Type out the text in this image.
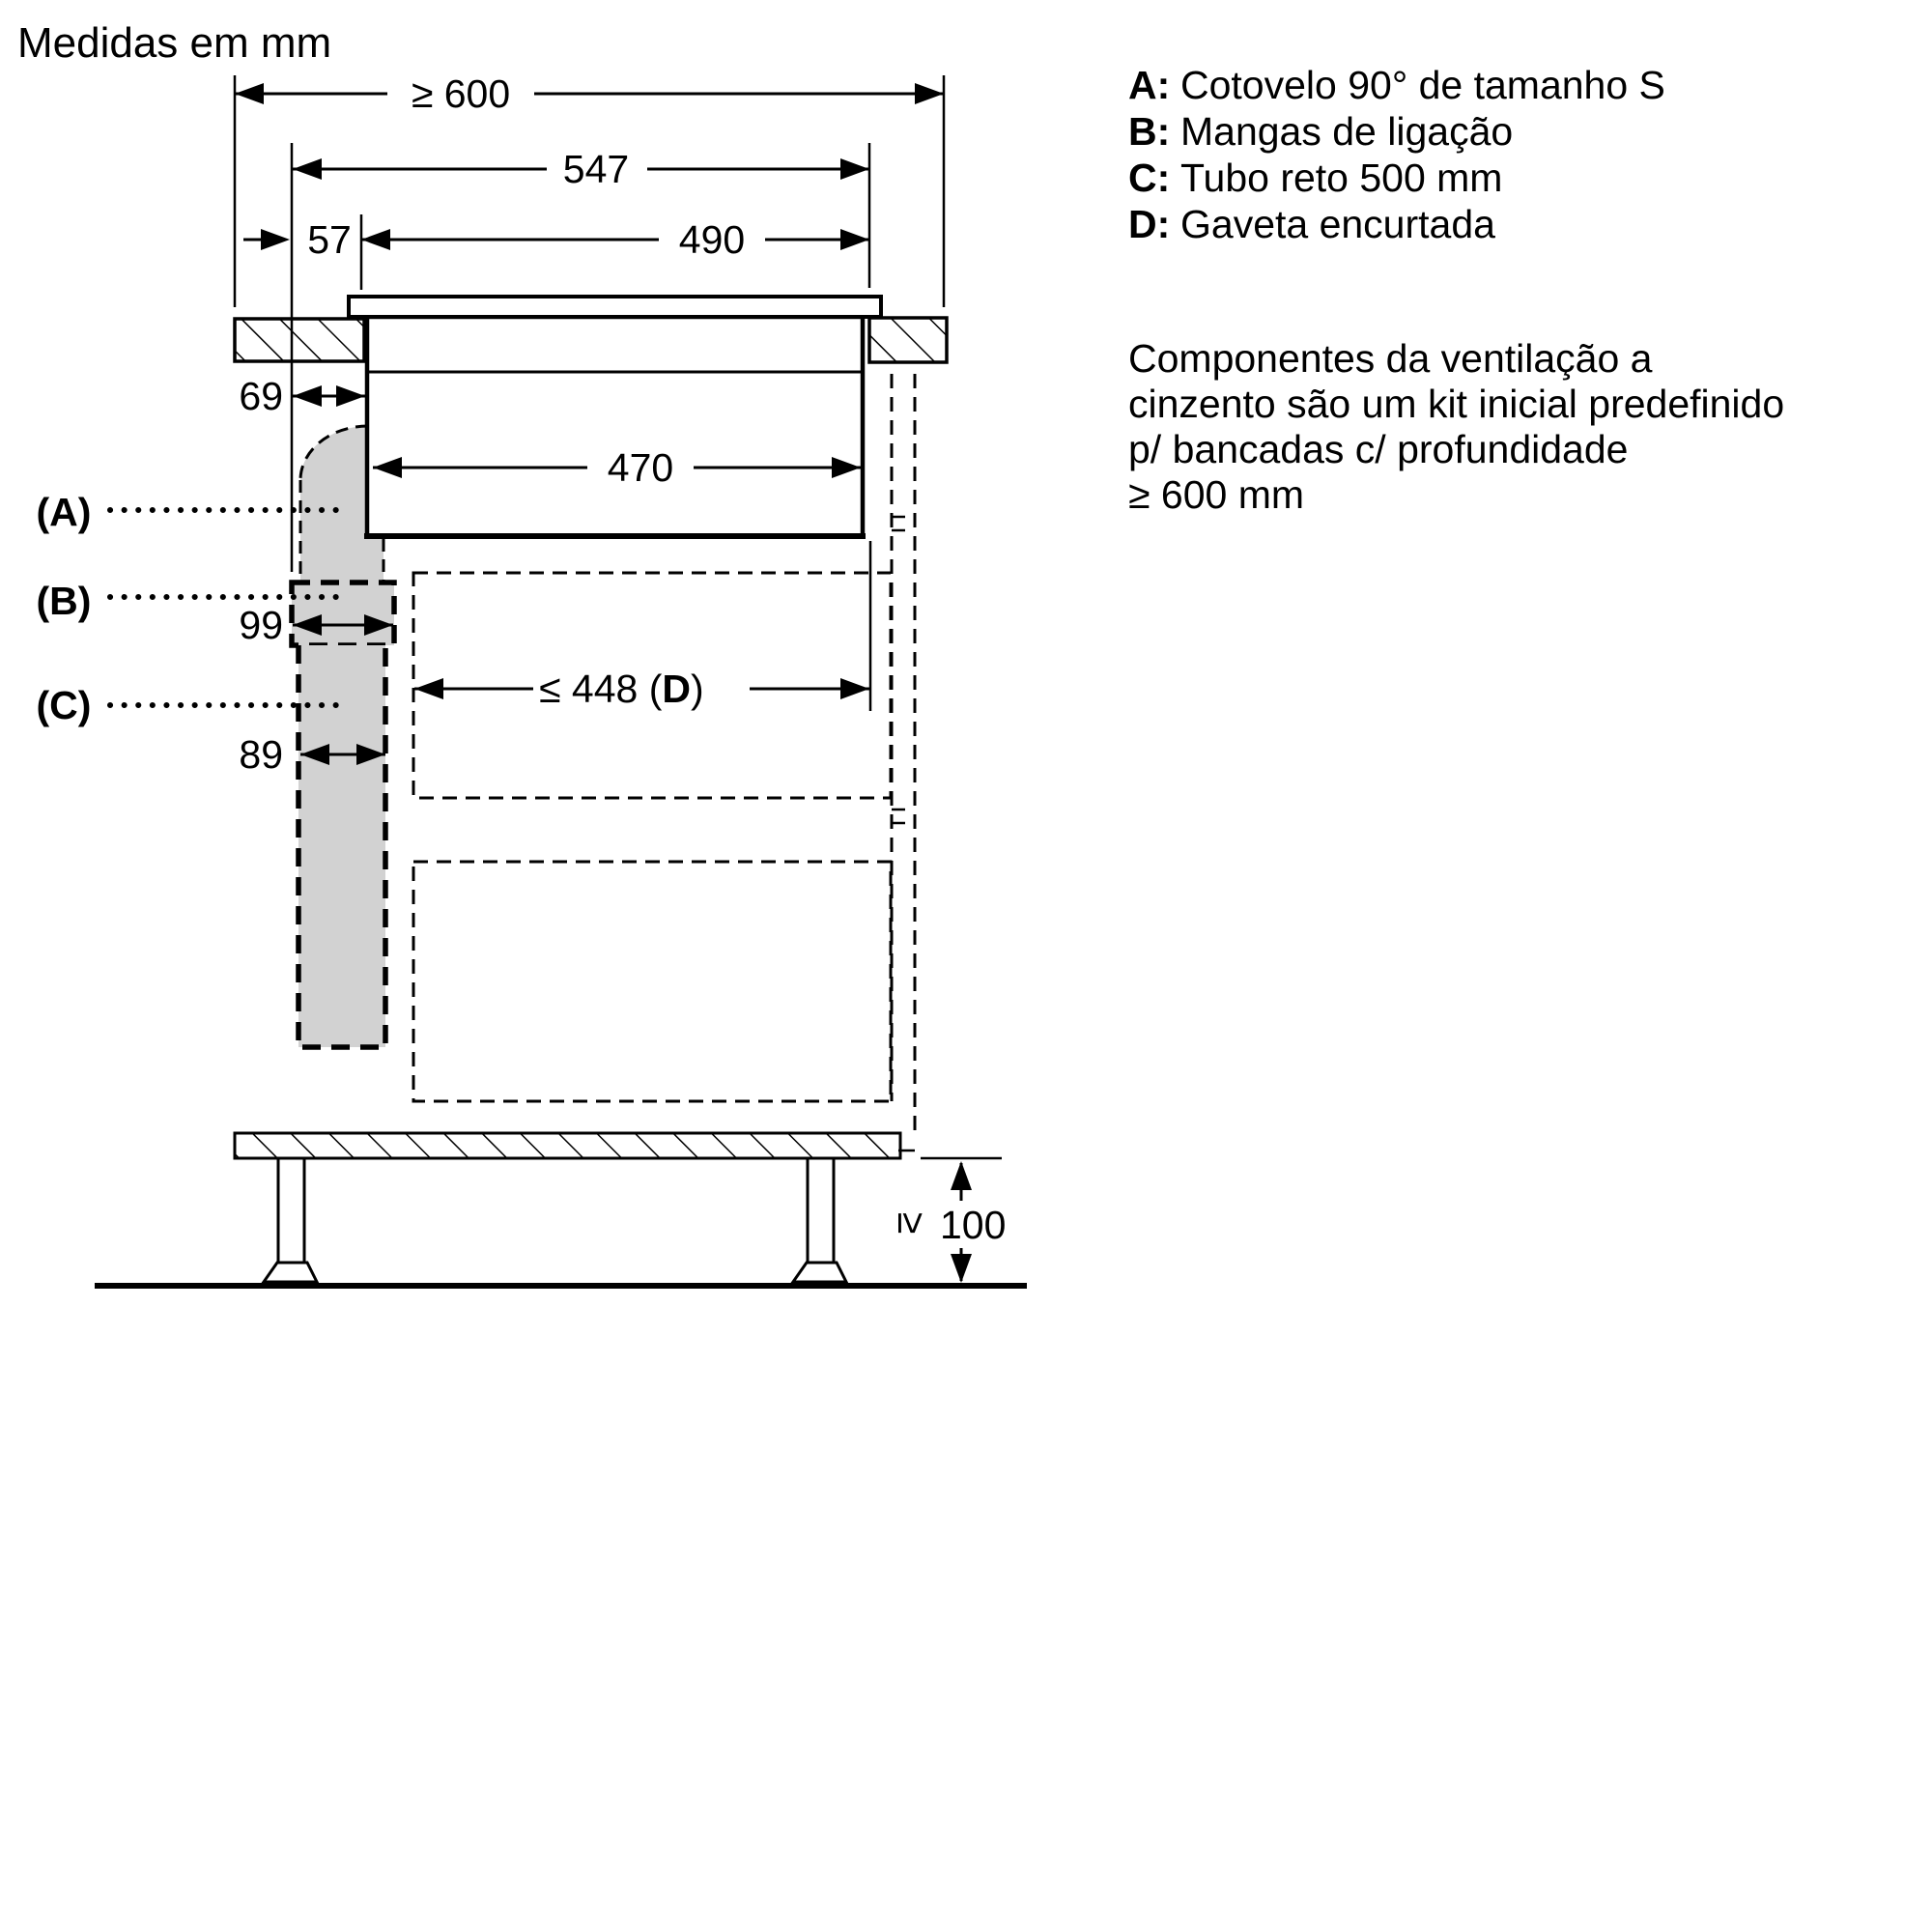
Medidas em mm
A: Cotovelo 90° de tamanho S
B: Mangas de ligação
C: Tubo reto 500 mm
D: Gaveta encurtada
Componentes da ventilação a
cinzento são um kit inicial predefinido
p/ bancadas c/ profundidade
≥ 600 mm
≥ 600
547
57	490
69
470
99
89
≤ 448 (D)
≥ 100
(A)
(B)
(C)
